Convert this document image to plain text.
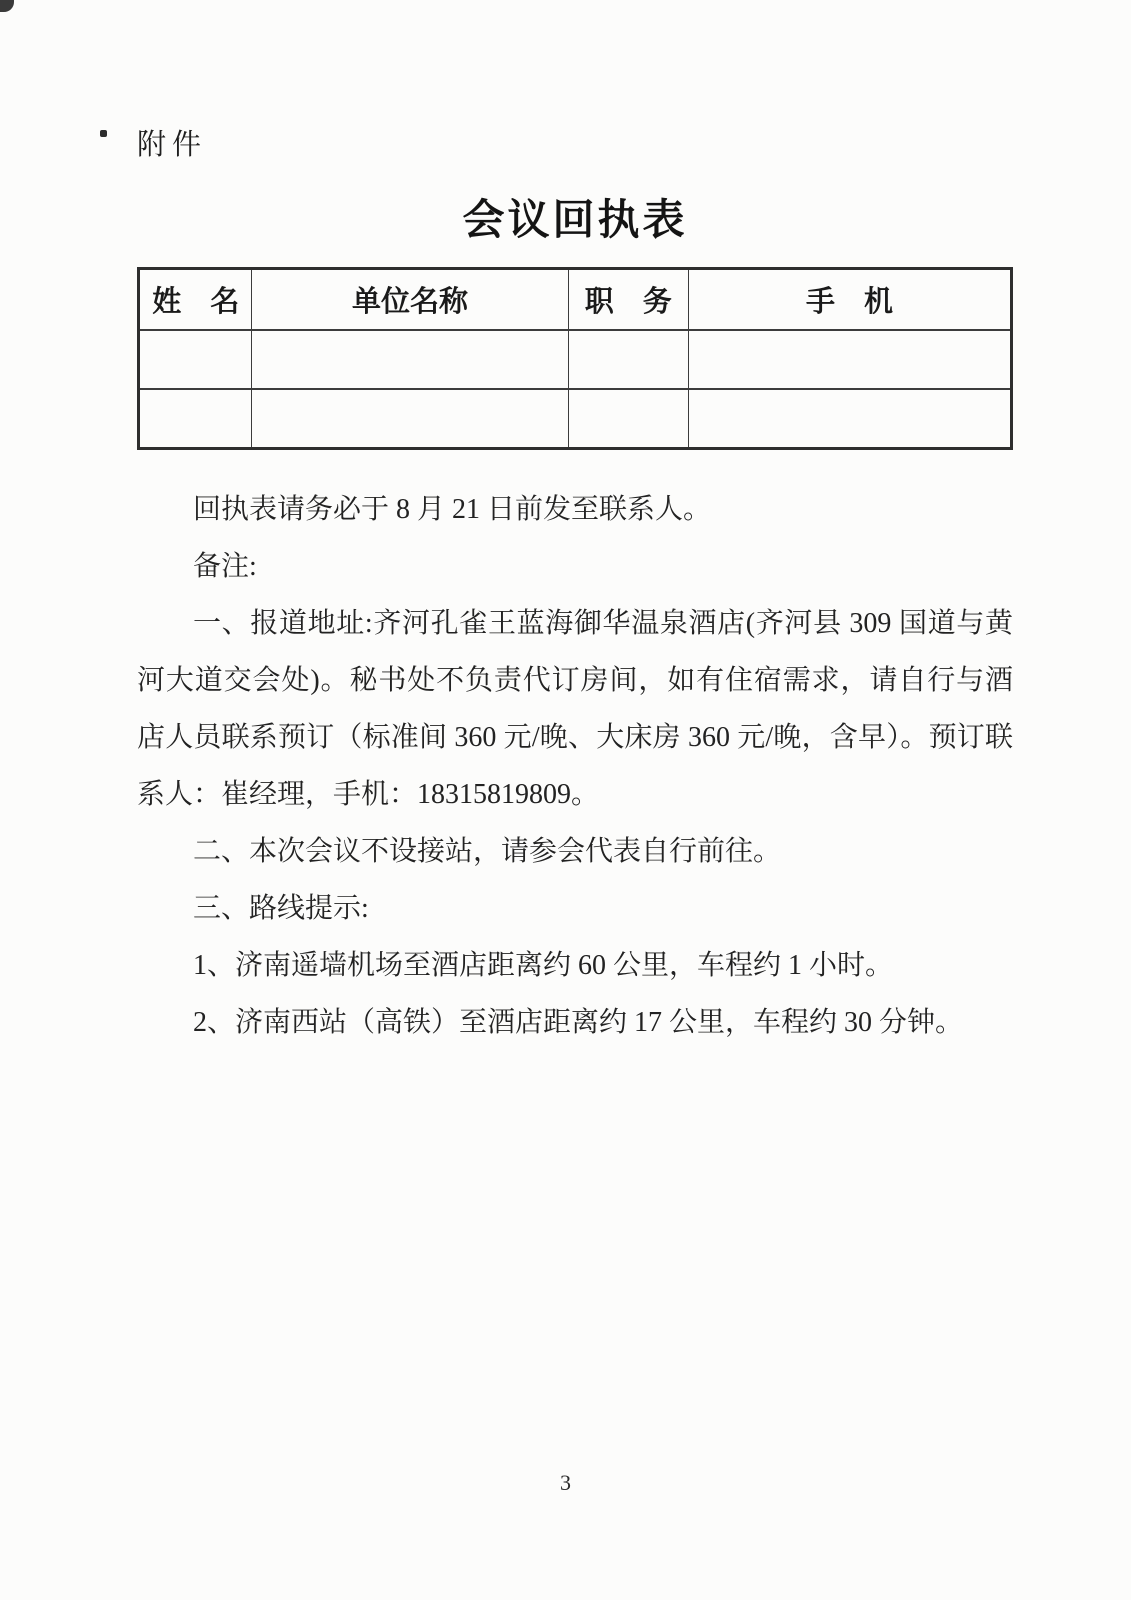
附件
会议回执表
姓　名	单位名称	职　务	手　机

回执表请务必于 8 月 21 日前发至联系人。

备注:

一、报道地址:齐河孔雀王蓝海御华温泉酒店(齐河县 309 国道与黄河大道交会处)。秘书处不负责代订房间，如有住宿需求，请自行与酒店人员联系预订（标准间 360 元/晚、大床房 360 元/晚，含早）。预订联系人：崔经理，手机：18315819809。

二、本次会议不设接站，请参会代表自行前往。

三、路线提示:

1、济南遥墙机场至酒店距离约 60 公里，车程约 1 小时。

2、济南西站（高铁）至酒店距离约 17 公里，车程约 30 分钟。

3
